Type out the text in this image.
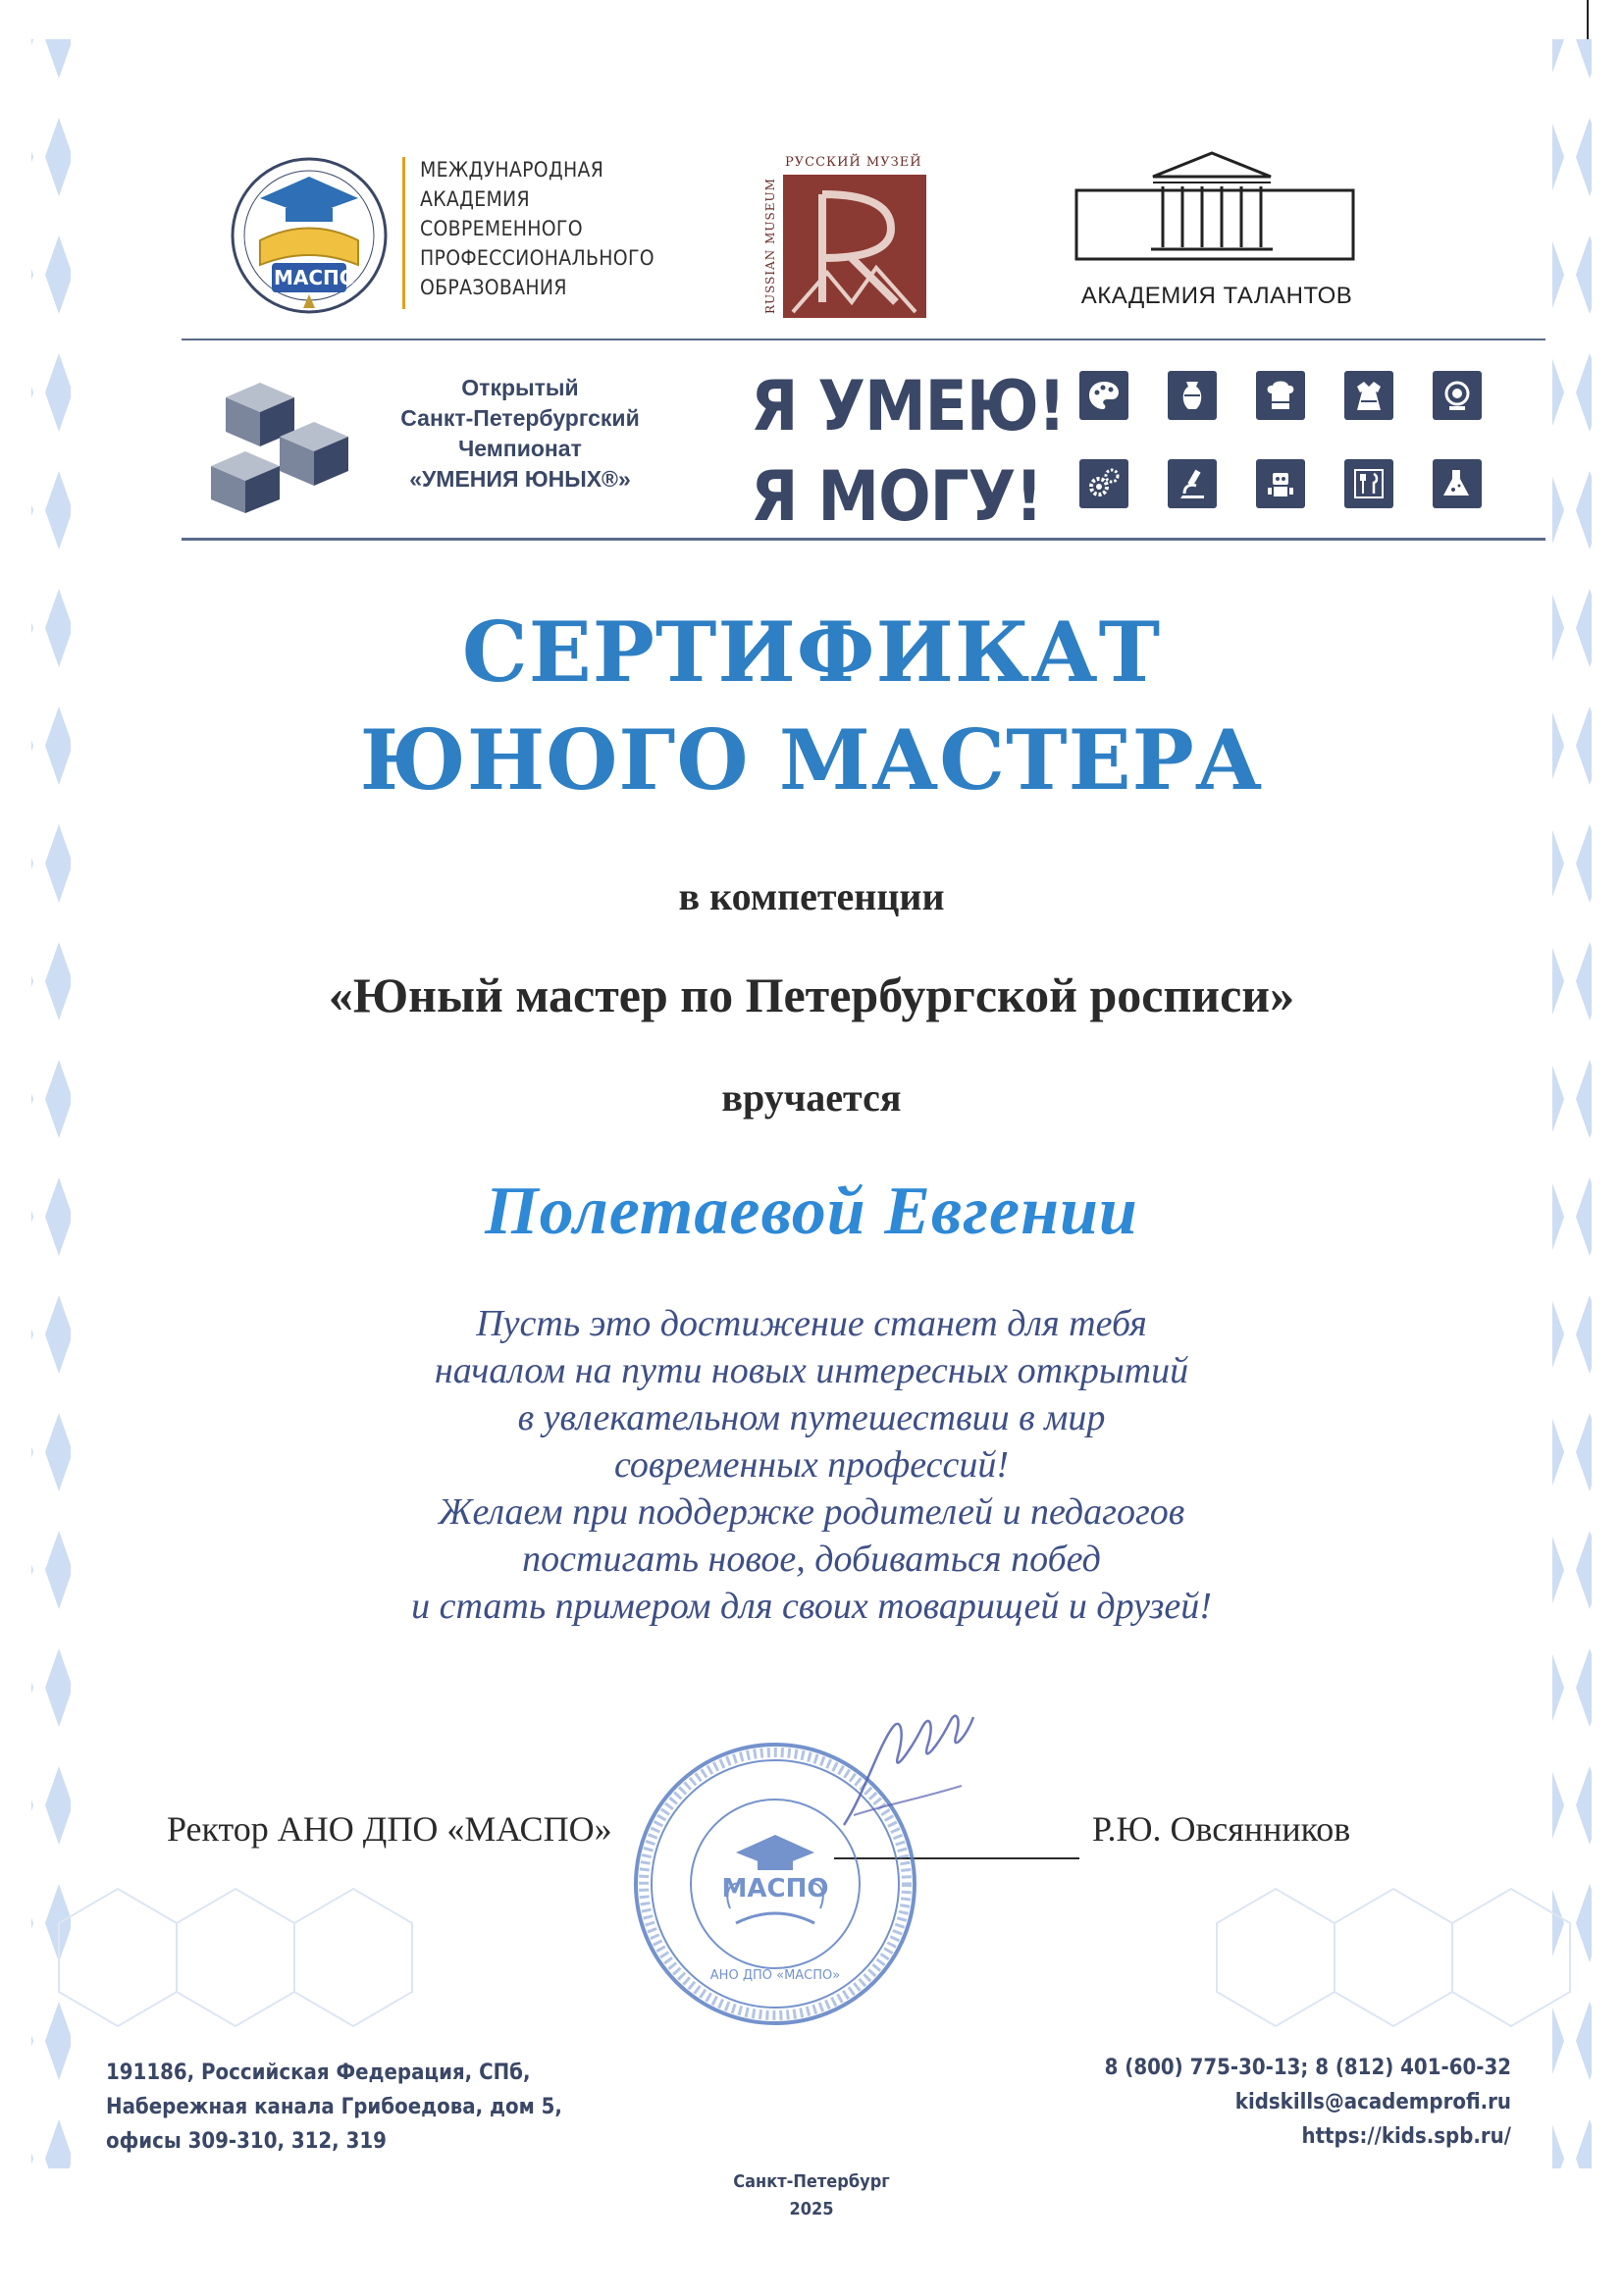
МАСПО
МЕЖДУНАРОДНАЯ
АКАДЕМИЯ
СОВРЕМЕННОГО
ПРОФЕССИОНАЛЬНОГО
ОБРАЗОВАНИЯ
РУССКИЙ МУЗЕЙ
RUSSIAN MUSEUM	АКАДЕМИЯ ТАЛАНТОВ
Открытый
Санкт-Петербургский
Чемпионат
«УМЕНИЯ ЮНЫХ®»
Я УМЕЮ!
Я МОГУ!
СЕРТИФИКАТ
ЮНОГО МАСТЕРА
в компетенции
«Юный мастер по Петербургской росписи»
вручается
Полетаевой Евгении
Пусть это достижение станет для тебя
началом на пути новых интересных открытий
в увлекательном путешествии в мир
современных профессий!
Желаем при поддержке родителей и педагогов
постигать новое, добиваться побед
и стать примером для своих товарищей и друзей!
Ректор АНО ДПО «МАСПО»	Р.Ю. Овсянников
МАСПО
АНО ДПО «МАСПО»
191186, Российская Федерация, СПб,
Набережная канала Грибоедова, дом 5,
офисы 309-310, 312, 319
8 (800) 775-30-13; 8 (812) 401-60-32
kidskills@academprofi.ru
https://kids.spb.ru/
Санкт-Петербург
2025
